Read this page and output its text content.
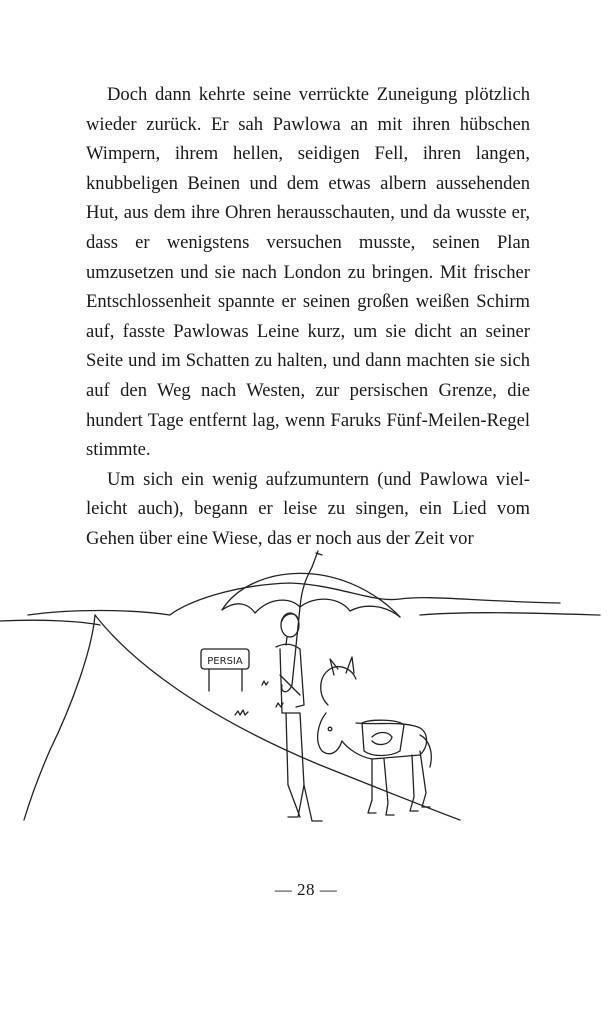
Doch dann kehrte seine verrückte Zuneigung plötzlich wieder zurück. Er sah Pawlowa an mit ihren hübschen Wimpern, ihrem hellen, seidigen Fell, ihren langen, knubbeligen Beinen und dem etwas albern aussehenden Hut, aus dem ihre Ohren herausschauten, und da wusste er, dass er wenigstens versuchen musste, seinen Plan umzusetzen und sie nach London zu bringen. Mit frischer Entschlossenheit spannte er seinen großen weißen Schirm auf, fasste Pawlowas Leine kurz, um sie dicht an seiner Seite und im Schatten zu halten, und dann machten sie sich auf den Weg nach Westen, zur persischen Grenze, die hundert Tage entfernt lag, wenn Faruks Fünf-Meilen-Regel stimmte.

Um sich ein wenig aufzumuntern (und Pawlowa vielleicht auch), begann er leise zu singen, ein Lied vom Gehen über eine Wiese, das er noch aus der Zeit vor

PERSIA
— 28 —
